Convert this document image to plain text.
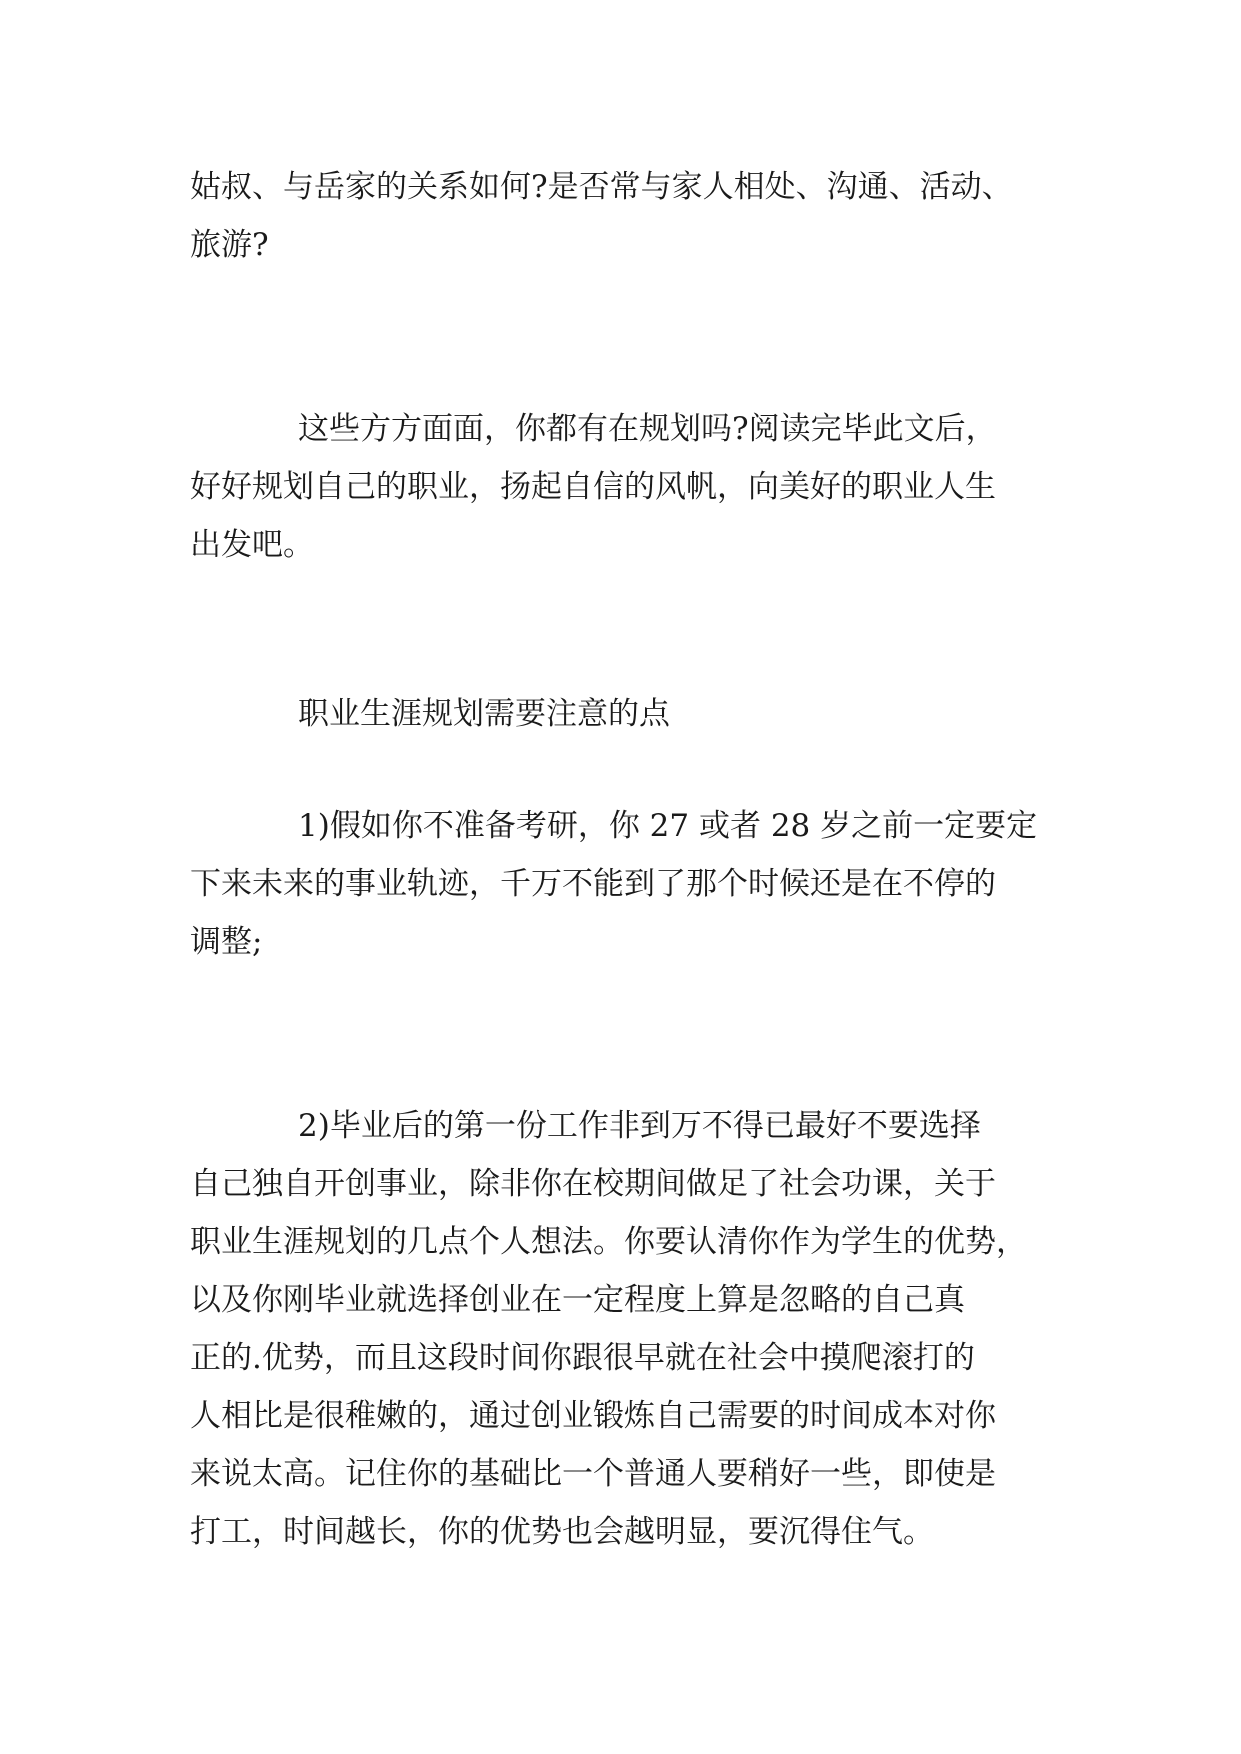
姑叔、与岳家的关系如何?是否常与家人相处、沟通、活动、
旅游?
这些方方面面，你都有在规划吗?阅读完毕此文后，
好好规划自己的职业，扬起自信的风帆，向美好的职业人生
出发吧。
职业生涯规划需要注意的点
1)假如你不准备考研，你 27 或者 28 岁之前一定要定
下来未来的事业轨迹，千万不能到了那个时候还是在不停的
调整;
2)毕业后的第一份工作非到万不得已最好不要选择
自己独自开创事业，除非你在校期间做足了社会功课，关于
职业生涯规划的几点个人想法。你要认清你作为学生的优势，
以及你刚毕业就选择创业在一定程度上算是忽略的自己真
正的.优势，而且这段时间你跟很早就在社会中摸爬滚打的
人相比是很稚嫩的，通过创业锻炼自己需要的时间成本对你
来说太高。记住你的基础比一个普通人要稍好一些，即使是
打工，时间越长，你的优势也会越明显，要沉得住气。
